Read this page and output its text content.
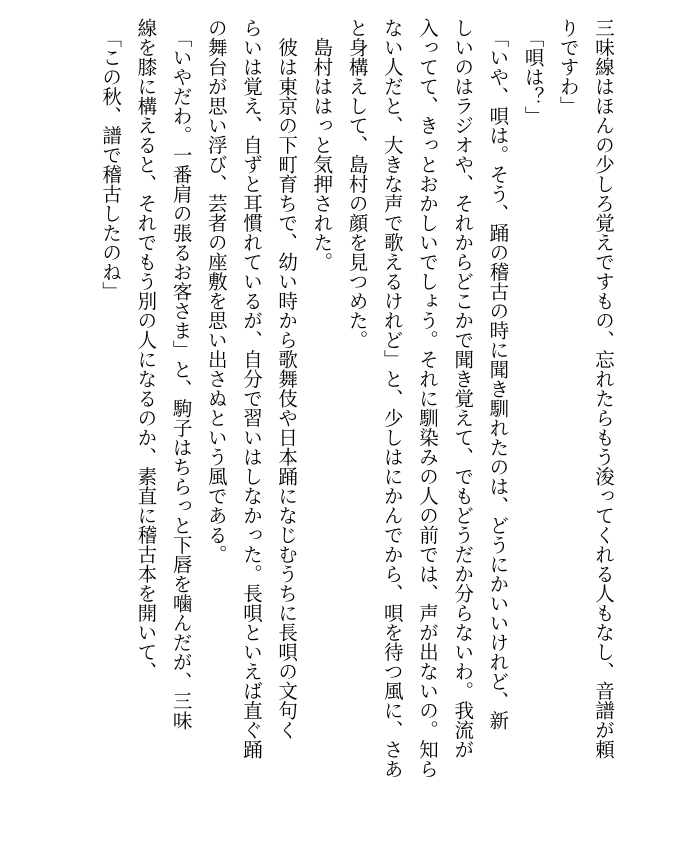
三味線はほんの少しろ覚えですもの、忘れたらもう浚ってくれる人もなし、音譜が頼
りですわ」
　「唄は？」
　「いや、唄は。そう、踊の稽古の時に聞き馴れたのは、どうにかいいけれど、新
しいのはラジオや、それからどこかで聞き覚えて、でもどうだか分らないわ。我流が
入ってて、きっとおかしいでしょう。それに馴染みの人の前では、声が出ないの。知ら
ない人だと、大きな声で歌えるけれど」と、少しはにかんでから、唄を待つ風に、さあ
と身構えして、島村の顔を見つめた。
　島村ははっと気押された。
　彼は東京の下町育ちで、幼い時から歌舞伎や日本踊になじむうちに長唄の文句く
らいは覚え、自ずと耳慣れているが、自分で習いはしなかった。長唄といえば直ぐ踊
の舞台が思い浮び、芸者の座敷を思い出さぬという風である。
　「いやだわ。一番肩の張るお客さま」と、駒子はちらっと下唇を噛んだが、三味
線を膝に構えると、それでもう別の人になるのか、素直に稽古本を開いて、
　「この秋、譜で稽古したのね」
